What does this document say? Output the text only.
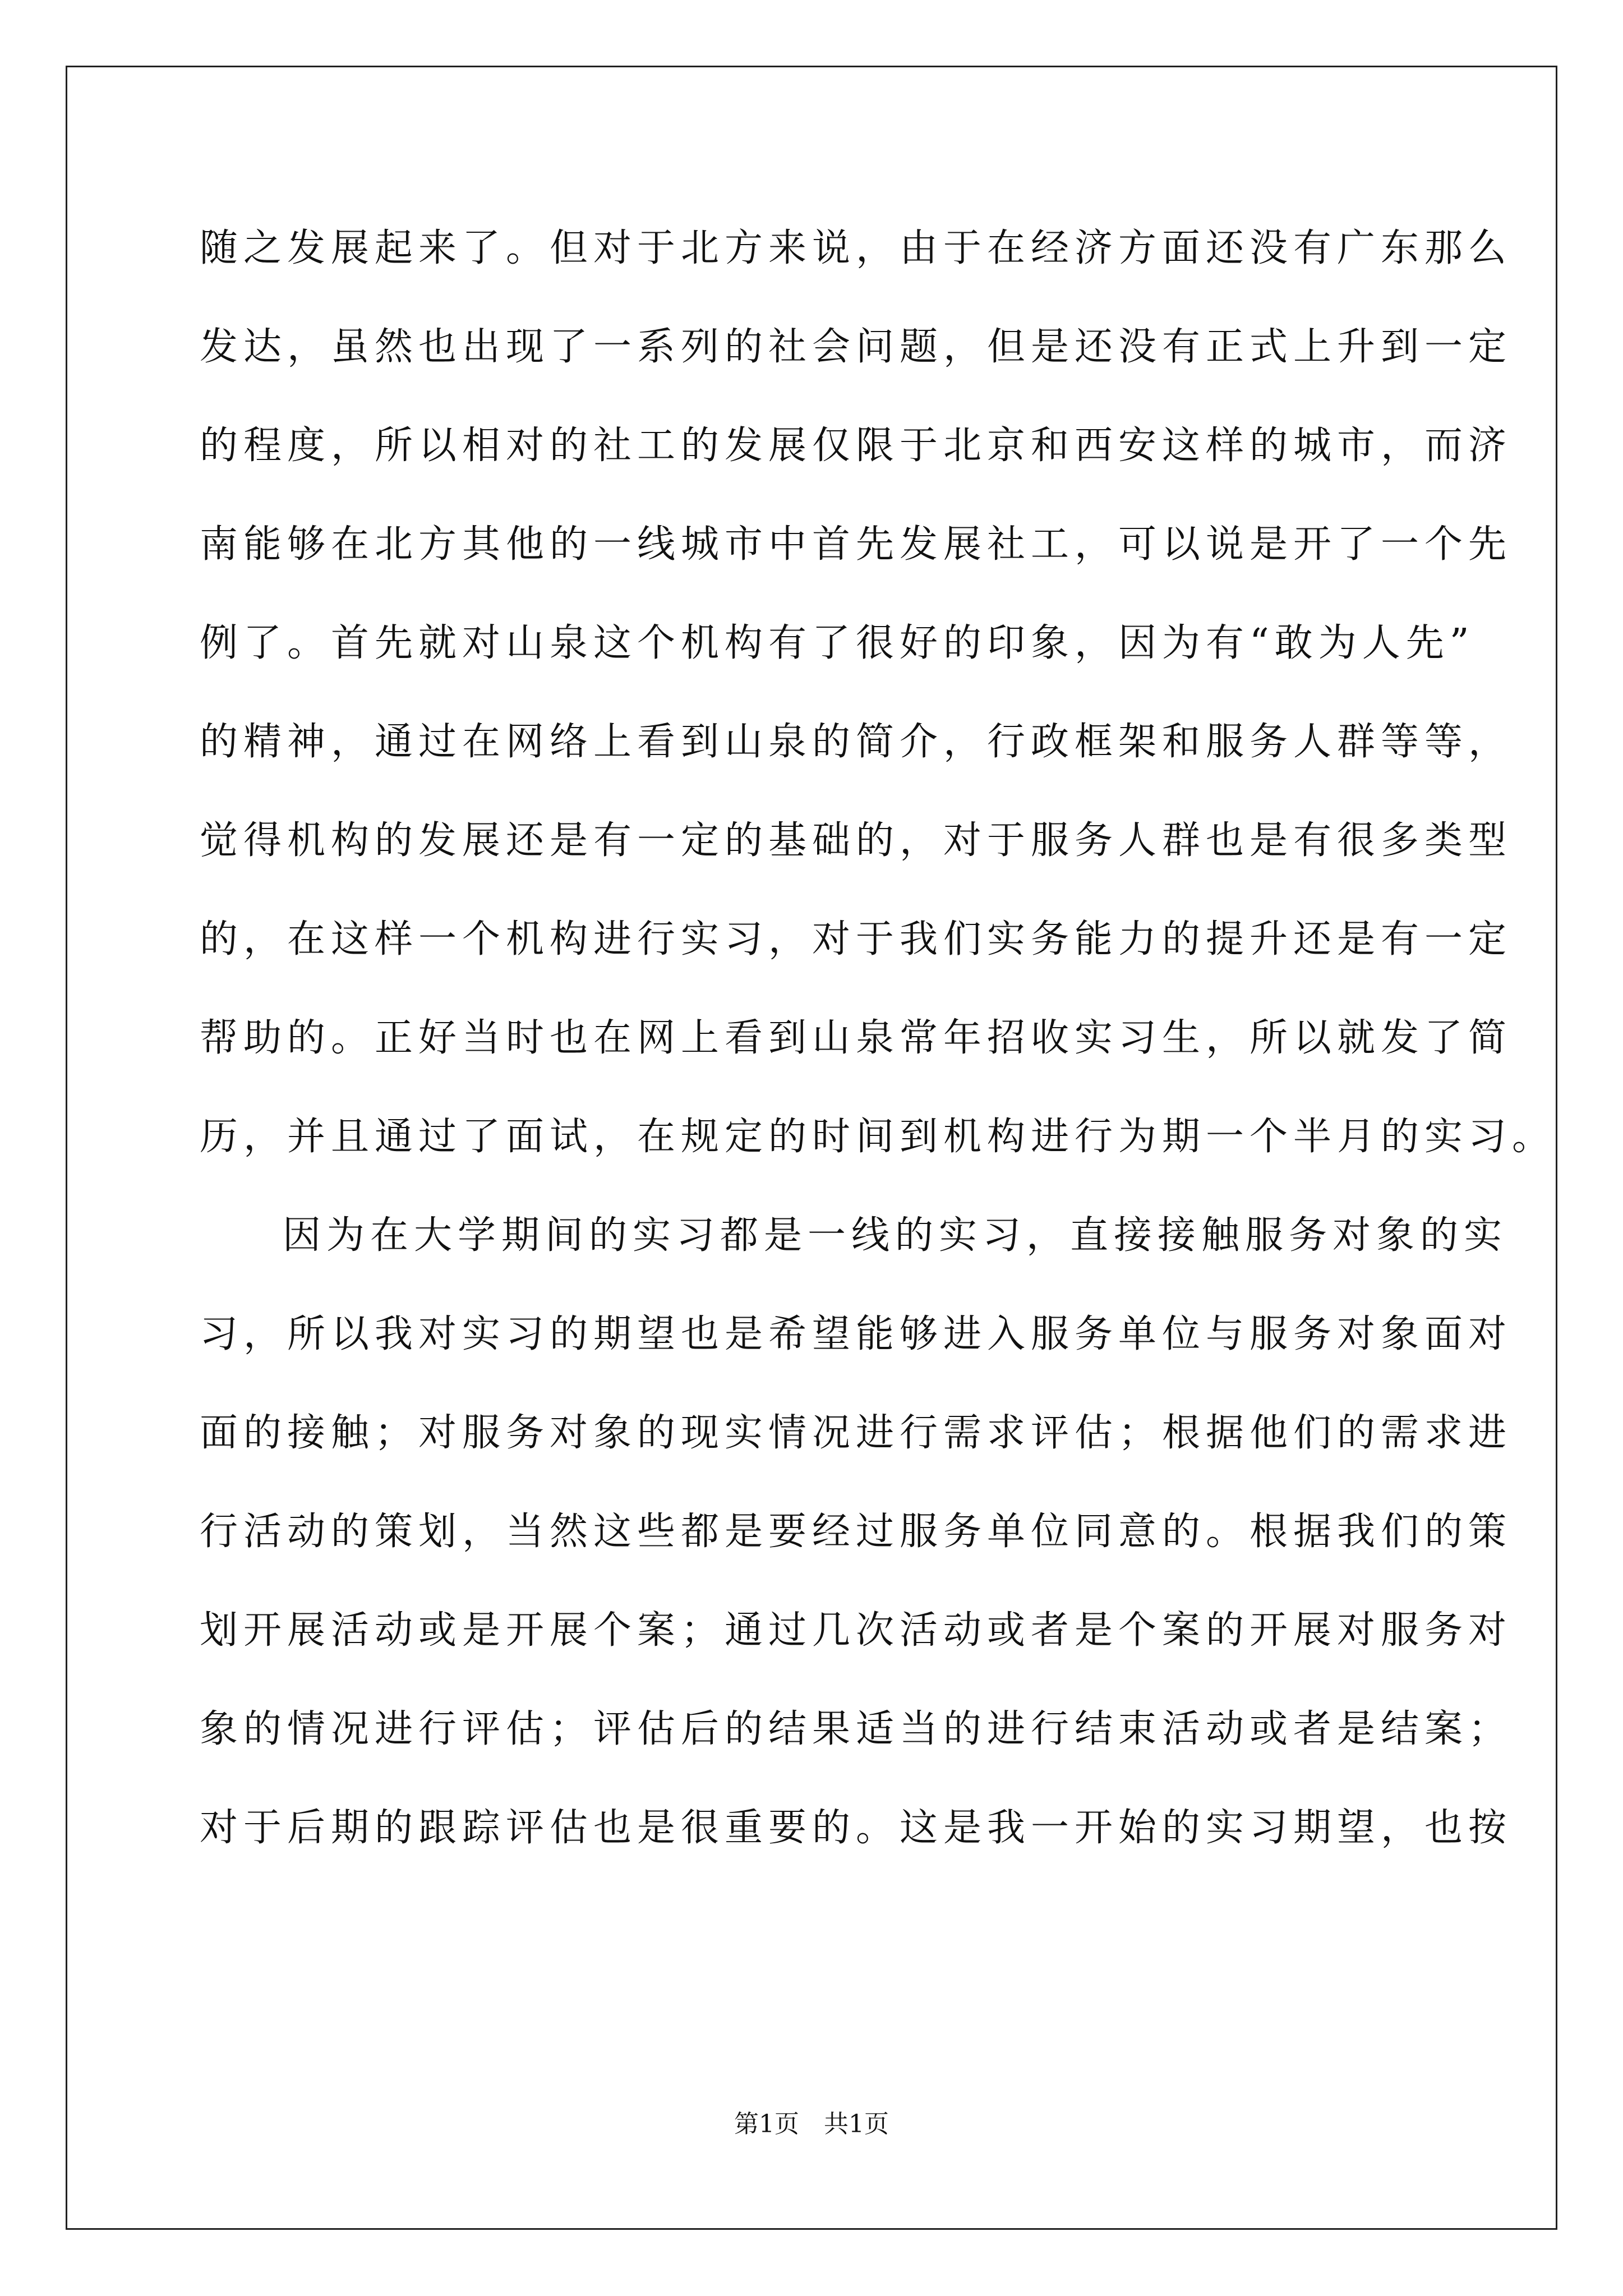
随之发展起来了。但对于北方来说，由于在经济方面还没有广东那么
发达，虽然也出现了一系列的社会问题，但是还没有正式上升到一定
的程度，所以相对的社工的发展仅限于北京和西安这样的城市，而济
南能够在北方其他的一线城市中首先发展社工，可以说是开了一个先
例了。首先就对山泉这个机构有了很好的印象，因为有“敢为人先”
的精神，通过在网络上看到山泉的简介，行政框架和服务人群等等，
觉得机构的发展还是有一定的基础的，对于服务人群也是有很多类型
的，在这样一个机构进行实习，对于我们实务能力的提升还是有一定
帮助的。正好当时也在网上看到山泉常年招收实习生，所以就发了简
历，并且通过了面试，在规定的时间到机构进行为期一个半月的实习。
因为在大学期间的实习都是一线的实习，直接接触服务对象的实
习，所以我对实习的期望也是希望能够进入服务单位与服务对象面对
面的接触；对服务对象的现实情况进行需求评估；根据他们的需求进
行活动的策划，当然这些都是要经过服务单位同意的。根据我们的策
划开展活动或是开展个案；通过几次活动或者是个案的开展对服务对
象的情况进行评估；评估后的结果适当的进行结束活动或者是结案；
对于后期的跟踪评估也是很重要的。这是我一开始的实习期望，也按
第1页　共1页
